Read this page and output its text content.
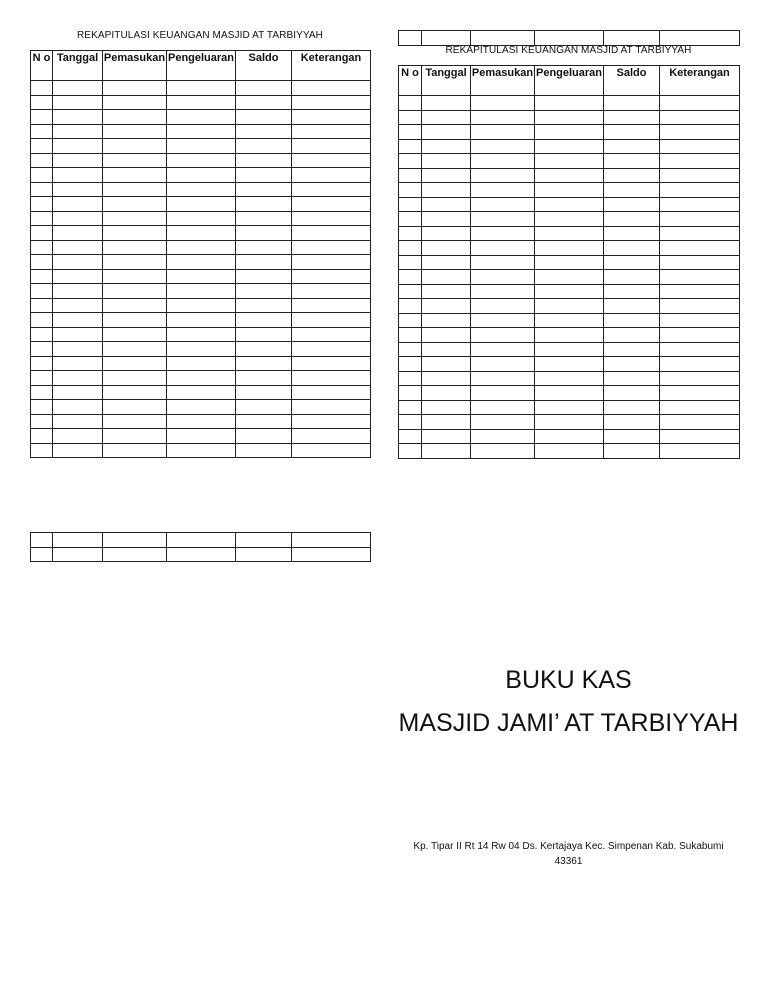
REKAPITULASI KEUANGAN MASJID AT TARBIYYAH
N o	Tanggal	Pemasukan	Pengeluaran	Saldo	Keterangan

REKAPITULASI KEUANGAN MASJID AT TARBIYYAH
N o	Tanggal	Pemasukan	Pengeluaran	Saldo	Keterangan

BUKU KAS
MASJID JAMI’ AT TARBIYYAH
Kp. Tipar II Rt 14 Rw 04 Ds. Kertajaya Kec. Simpenan Kab. Sukabumi
43361
